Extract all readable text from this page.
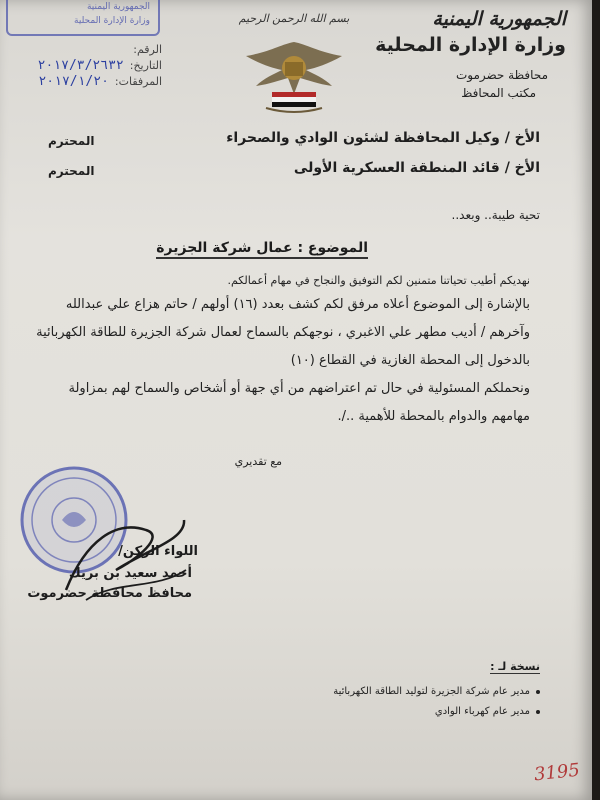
الجمهورية اليمنية
وزارة الإدارة المحلية	الجمهورية اليمنية
وزارة الإدارة المحلية
محافظة حضرموت
مكتب المحافظ
بسم الله الرحمن الرحيم
الرقم:
التاريخ:
٢٠١٧/٣/٢٦٣٢
المرفقات:
٢٠١٧/١/٢٠
الأخ / وكيل المحافظة لشئون الوادي والصحراء
المحترم
الأخ / قائد المنطقة العسكرية الأولى
المحترم
تحية طيبة.. وبعد..
الموضوع : عمال شركة الجزيرة
نهديكم أطيب تحياتنا متمنين لكم التوفيق والنجاح في مهام أعمالكم.
بالإشارة إلى الموضوع أعلاه مرفق لكم كشف بعدد (١٦) أولهم / حاتم هزاع علي عبدالله
وآخرهم / أديب مطهر علي الاغبري ، نوجهكم بالسماح لعمال شركة الجزيرة للطاقة الكهربائية
بالدخول إلى المحطة الغازية في القطاع (١٠)
ونحملكم المسئولية في حال تم اعتراضهم من أي جهة أو أشخاص والسماح لهم بمزاولة
مهامهم والدوام بالمحطة للأهمية ../.
مع تقديري
اللواء الركن/
أحمد سعيد بن بريك
محافظ محافظة حضرموت
نسخة لـ :
مدير عام شركة الجزيرة لتوليد الطاقة الكهربائية
مدير عام كهرباء الوادي
3195
